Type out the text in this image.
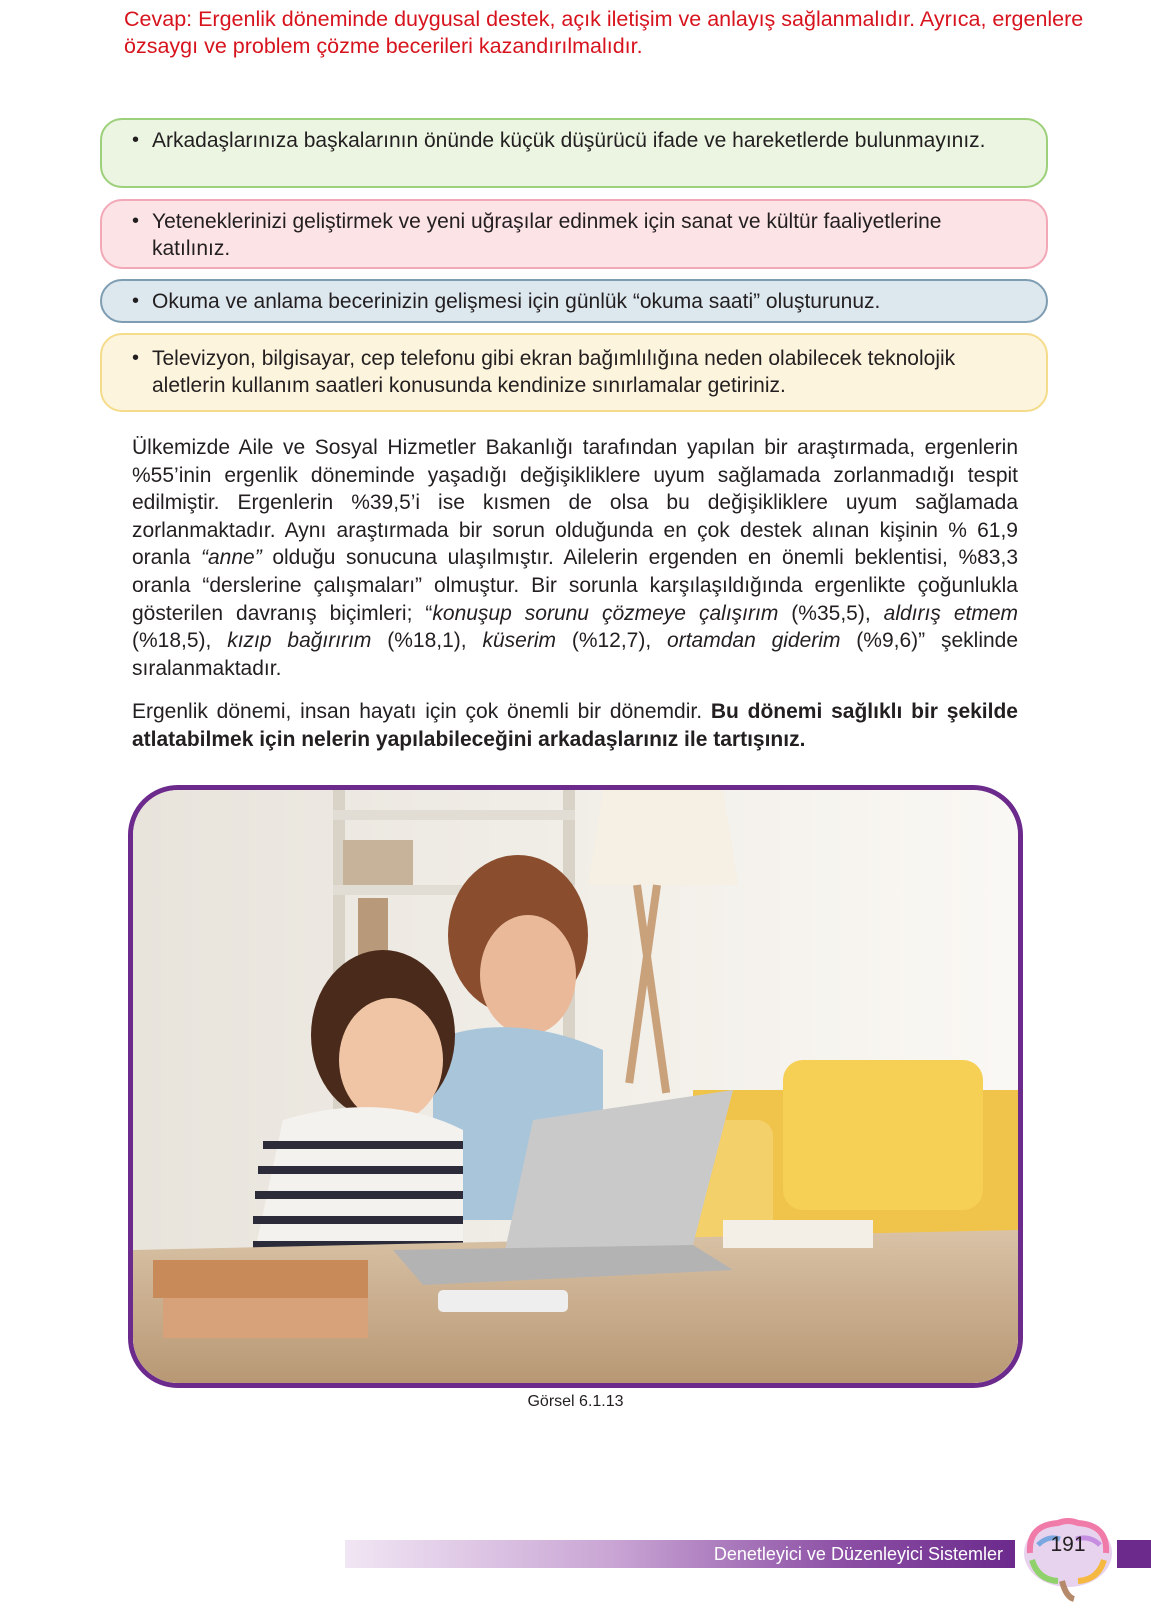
Cevap: Ergenlik döneminde duygusal destek, açık iletişim ve anlayış sağlanmalıdır. Ayrıca, ergenlere özsaygı ve problem çözme becerileri kazandırılmalıdır.

• Arkadaşlarınıza başkalarının önünde küçük düşürücü ifade ve hareketlerde bulunmayınız.
• Yeteneklerinizi geliştirmek ve yeni uğraşılar edinmek için sanat ve kültür faaliyetlerine katılınız.
• Okuma ve anlama becerinizin gelişmesi için günlük “okuma saati” oluşturunuz.
• Televizyon, bilgisayar, cep telefonu gibi ekran bağımlılığına neden olabilecek teknolojik aletlerin kullanım saatleri konusunda kendinize sınırlamalar getiriniz.

Ülkemizde Aile ve Sosyal Hizmetler Bakanlığı tarafından yapılan bir araştırmada, ergenlerin %55’inin ergenlik döneminde yaşadığı değişikliklere uyum sağlamada zorlanmadığı tespit edilmiştir. Ergenlerin %39,5’i ise kısmen de olsa bu değişikliklere uyum sağlamada zorlanmaktadır. Aynı araştırmada bir sorun olduğunda en çok destek alınan kişinin % 61,9 oranla “anne” olduğu sonucuna ulaşılmıştır. Ailelerin ergenden en önemli beklentisi, %83,3 oranla “derslerine çalışmaları” olmuştur. Bir sorunla karşılaşıldığında ergenlikte çoğunlukla gösterilen davranış biçimleri; “konuşup sorunu çözmeye çalışırım (%35,5), aldırış etmem (%18,5), kızıp bağırırım (%18,1), küserim (%12,7), ortamdan giderim (%9,6)” şeklinde sıralanmaktadır.

Ergenlik dönemi, insan hayatı için çok önemli bir dönemdir. Bu dönemi sağlıklı bir şekilde atlatabilmek için nelerin yapılabileceğini arkadaşlarınız ile tartışınız.

Görsel 6.1.13
Denetleyici ve Düzenleyici Sistemler	191
